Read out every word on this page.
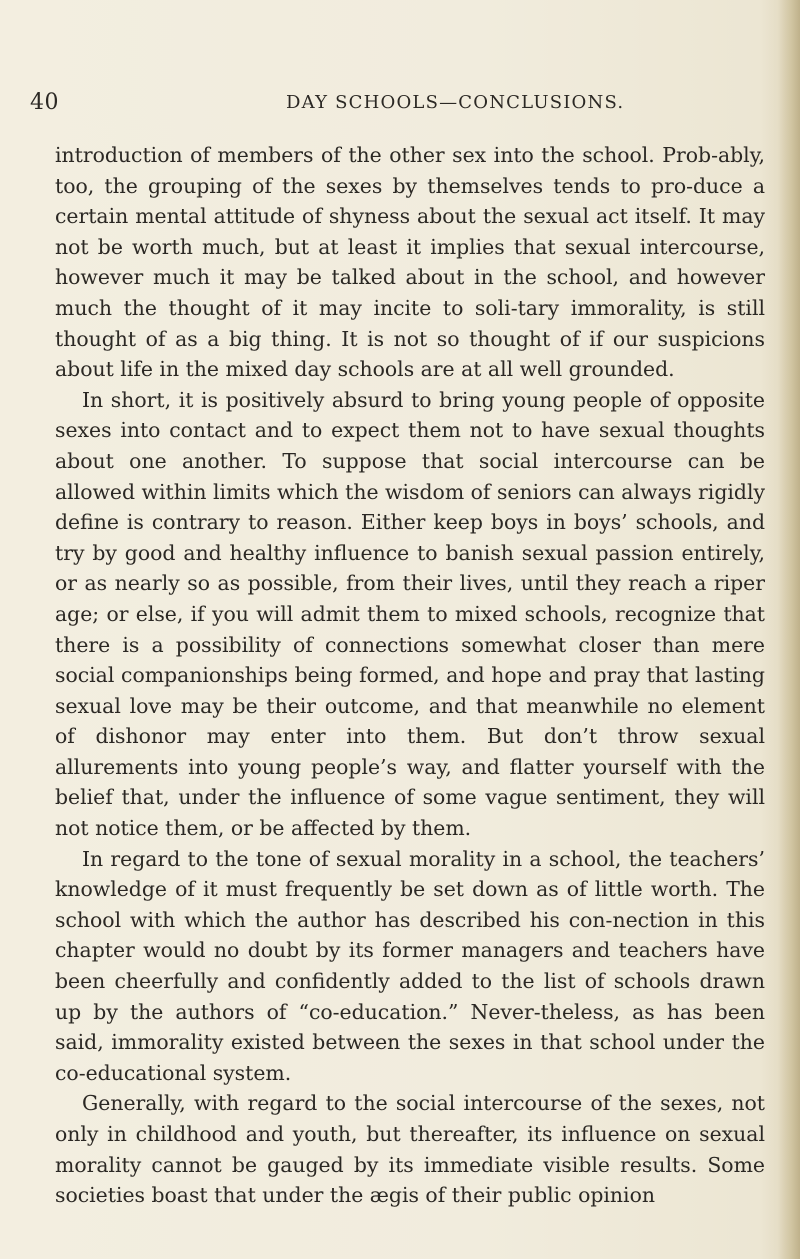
40	DAY SCHOOLS—CONCLUSIONS.

introduction of members of the other sex into the school. Prob-ably, too, the grouping of the sexes by themselves tends to pro-duce a certain mental attitude of shyness about the sexual act itself. It may not be worth much, but at least it implies that sexual intercourse, however much it may be talked about in the school, and however much the thought of it may incite to soli-tary immorality, is still thought of as a big thing. It is not so thought of if our suspicions about life in the mixed day schools are at all well grounded.

In short, it is positively absurd to bring young people of opposite sexes into contact and to expect them not to have sexual thoughts about one another. To suppose that social intercourse can be allowed within limits which the wisdom of seniors can always rigidly define is contrary to reason. Either keep boys in boys’ schools, and try by good and healthy influence to banish sexual passion entirely, or as nearly so as possible, from their lives, until they reach a riper age; or else, if you will admit them to mixed schools, recognize that there is a possibility of connections somewhat closer than mere social companionships being formed, and hope and pray that lasting sexual love may be their outcome, and that meanwhile no element of dishonor may enter into them. But don’t throw sexual allurements into young people’s way, and flatter yourself with the belief that, under the influence of some vague sentiment, they will not notice them, or be affected by them.

In regard to the tone of sexual morality in a school, the teachers’ knowledge of it must frequently be set down as of little worth. The school with which the author has described his con-nection in this chapter would no doubt by its former managers and teachers have been cheerfully and confidently added to the list of schools drawn up by the authors of “co-education.” Never-theless, as has been said, immorality existed between the sexes in that school under the co-educational system.

Generally, with regard to the social intercourse of the sexes, not only in childhood and youth, but thereafter, its influence on sexual morality cannot be gauged by its immediate visible results. Some societies boast that under the ægis of their public opinion
